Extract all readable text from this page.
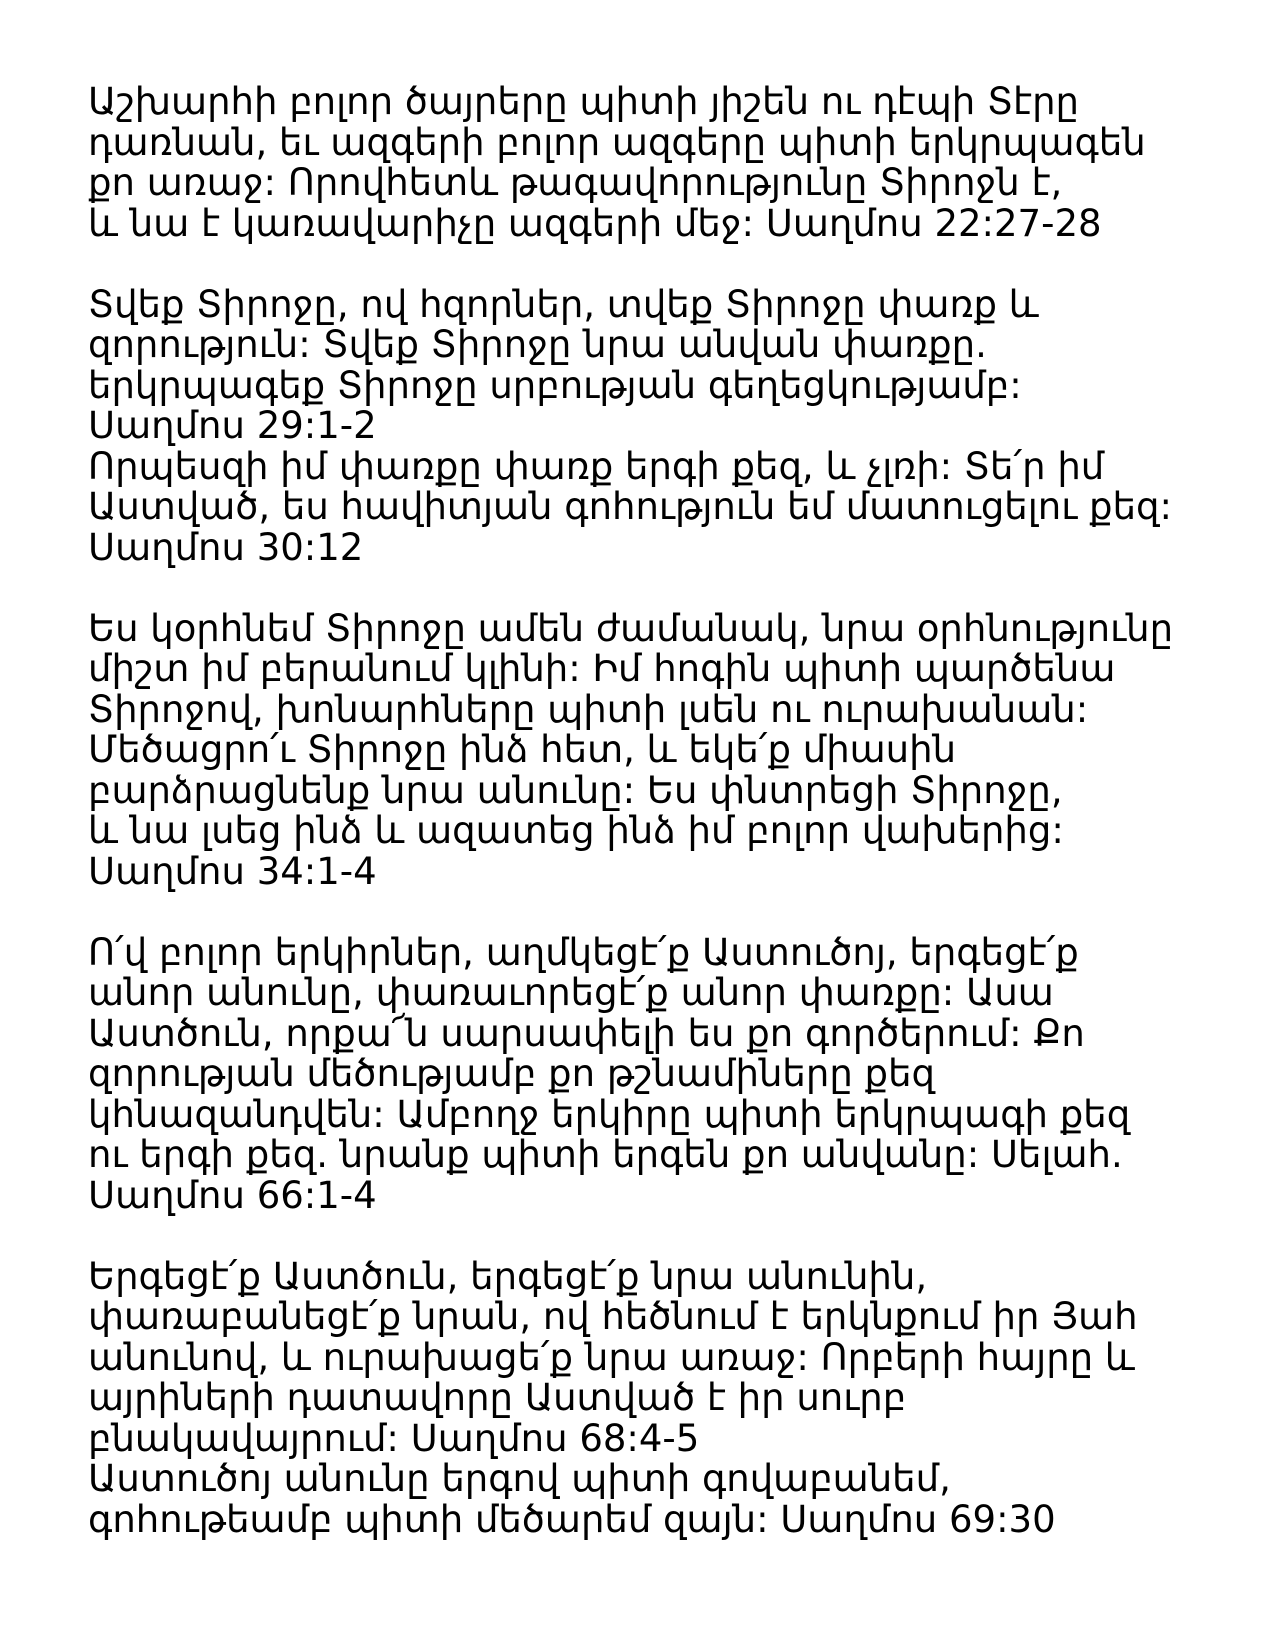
Աշխարհի բոլոր ծայրերը պիտի յիշեն ու դէպի Տէրը
դառնան, եւ ազգերի բոլոր ազգերը պիտի երկրպագեն
քո առաջ: Որովհետև թագավորությունը Տիրոջն է,
և նա է կառավարիչը ազգերի մեջ: Սաղմոս 22:27-28
Տվեք Տիրոջը, ով հզորներ, տվեք Տիրոջը փառք և
զորություն: Տվեք Տիրոջը նրա անվան փառքը.
երկրպագեք Տիրոջը սրբության գեղեցկությամբ:
Սաղմոս 29:1-2
Որպեսզի իմ փառքը փառք երգի քեզ, և չլռի: Տե՛ր իմ
Աստված, ես հավիտյան գոհություն եմ մատուցելու քեզ:
Սաղմոս 30:12
Ես կօրհնեմ Տիրոջը ամեն ժամանակ, նրա օրհնությունը
միշտ իմ բերանում կլինի: Իմ հոգին պիտի պարծենա
Տիրոջով, խոնարհները պիտի լսեն ու ուրախանան:
Մեծացրո՛ւ Տիրոջը ինձ հետ, և եկե՛ք միասին
բարձրացնենք նրա անունը: Ես փնտրեցի Տիրոջը,
և նա լսեց ինձ և ազատեց ինձ իմ բոլոր վախերից:
Սաղմոս 34:1-4
Ո՛վ բոլոր երկիրներ, աղմկեցէ՛ք Աստուծոյ, երգեցէ՛ք
անոր անունը, փառաւորեցէ՛ք անոր փառքը: Ասա
Աստծուն, որքա՜ն սարսափելի ես քո գործերում: Քո
զորության մեծությամբ քո թշնամիները քեզ
կհնազանդվեն: Ամբողջ երկիրը պիտի երկրպագի քեզ
ու երգի քեզ. նրանք պիտի երգեն քո անվանը: Սելահ.
Սաղմոս 66:1-4
Երգեցէ՛ք Աստծուն, երգեցէ՛ք նրա անունին,
փառաբանեցէ՛ք նրան, ով հեծնում է երկնքում իր Յահ
անունով, և ուրախացե՛ք նրա առաջ: Որբերի հայրը և
այրիների դատավորը Աստված է իր սուրբ
բնակավայրում: Սաղմոս 68:4-5
Աստուծոյ անունը երգով պիտի գովաբանեմ,
գոհութեամբ պիտի մեծարեմ զայն: Սաղմոս 69:30
